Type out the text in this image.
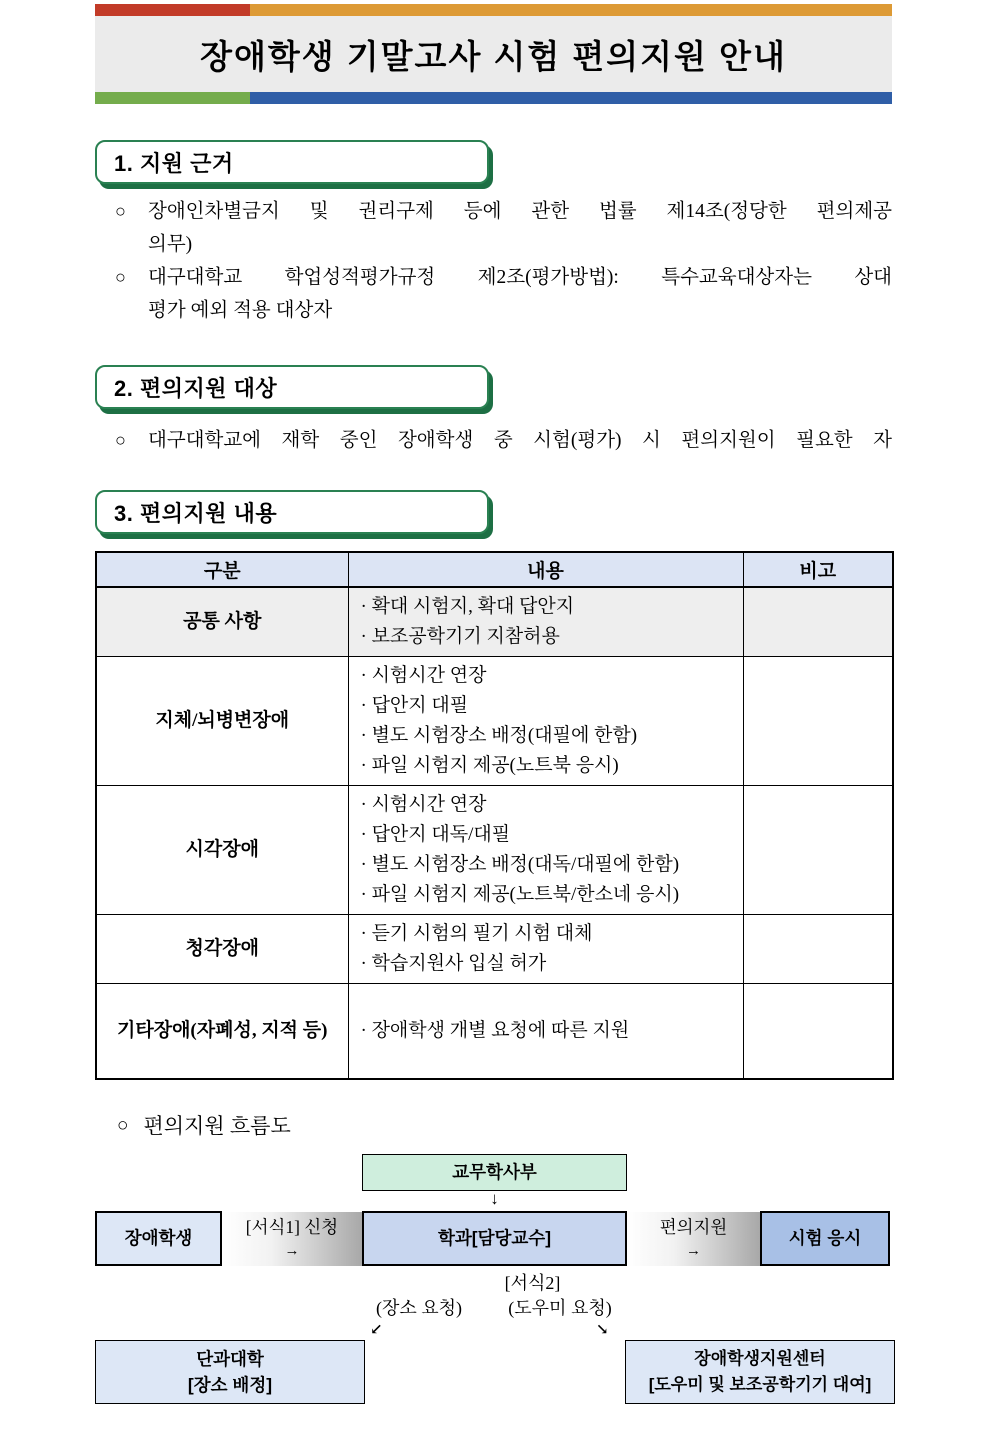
장애학생 기말고사 시험 편의지원 안내
1. 지원 근거
○	장애인차별금지 및 권리구제 등에 관한 법률 제14조(정당한 편의제공
의무)
○	대구대학교 학업성적평가규정 제2조(평가방법): 특수교육대상자는 상대
평가 예외 적용 대상자
2. 편의지원 대상
○	대구대학교에 재학 중인 장애학생 중 시험(평가) 시 편의지원이 필요한 자
3. 편의지원 내용
구분	내용	비고
공통 사항	· 확대 시험지, 확대 답안지
· 보조공학기기 지참허용	

지체/뇌병변장애	· 시험시간 연장
· 답안지 대필
· 별도 시험장소 배정(대필에 한함)
· 파일 시험지 제공(노트북 응시)	

시각장애	· 시험시간 연장
· 답안지 대독/대필
· 별도 시험장소 배정(대독/대필에 한함)
· 파일 시험지 제공(노트북/한소네 응시)	

청각장애	· 듣기 시험의 필기 시험 대체
· 학습지원사 입실 허가	

기타장애(자폐성, 지적 등)	· 장애학생 개별 요청에 따른 지원	

○ 편의지원 흐름도
교무학사부
↓
장애학생
[서식1] 신청
→
학과[담당교수]
편의지원
→
시험 응시
[서식2]
(장소 요청)	(도우미 요청)
↙	↘
단과대학
[장소 배정]
장애학생지원센터
[도우미 및 보조공학기기 대여]
